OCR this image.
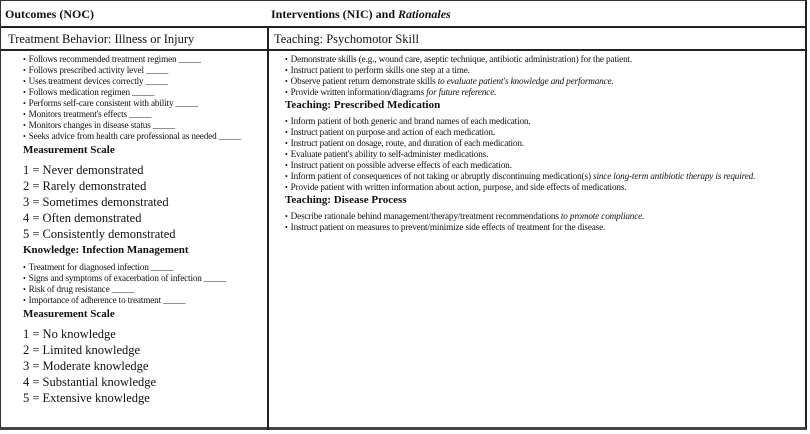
Outcomes (NOC)	Interventions (NIC) and Rationales
Treatment Behavior: Illness or Injury	Teaching: Psychomotor Skill
• Follows recommended treatment regimen _____
• Follows prescribed activity level _____
• Uses treatment devices correctly _____
• Follows medication regimen _____
• Performs self-care consistent with ability _____
• Monitors treatment's effects _____
• Monitors changes in disease status _____
• Seeks advice from health care professional as needed _____
Measurement Scale
1 = Never demonstrated
2 = Rarely demonstrated
3 = Sometimes demonstrated
4 = Often demonstrated
5 = Consistently demonstrated
Knowledge: Infection Management
• Treatment for diagnosed infection _____
• Signs and symptoms of exacerbation of infection _____
• Risk of drug resistance _____
• Importance of adherence to treatment _____
Measurement Scale
1 = No knowledge
2 = Limited knowledge
3 = Moderate knowledge
4 = Substantial knowledge
5 = Extensive knowledge
• Demonstrate skills (e.g., wound care, aseptic technique, antibiotic administration) for the patient.
• Instruct patient to perform skills one step at a time.
• Observe patient return demonstrate skills to evaluate patient's knowledge and performance.
• Provide written information/diagrams for future reference.
Teaching: Prescribed Medication
• Inform patient of both generic and brand names of each medication.
• Instruct patient on purpose and action of each medication.
• Instruct patient on dosage, route, and duration of each medication.
• Evaluate patient's ability to self-administer medications.
• Instruct patient on possible adverse effects of each medication.
• Inform patient of consequences of not taking or abruptly discontinuing medication(s) since long-term antibiotic therapy is required.
• Provide patient with written information about action, purpose, and side effects of medications.
Teaching: Disease Process
• Describe rationale behind management/therapy/treatment recommendations to promote compliance.
• Instruct patient on measures to prevent/minimize side effects of treatment for the disease.
